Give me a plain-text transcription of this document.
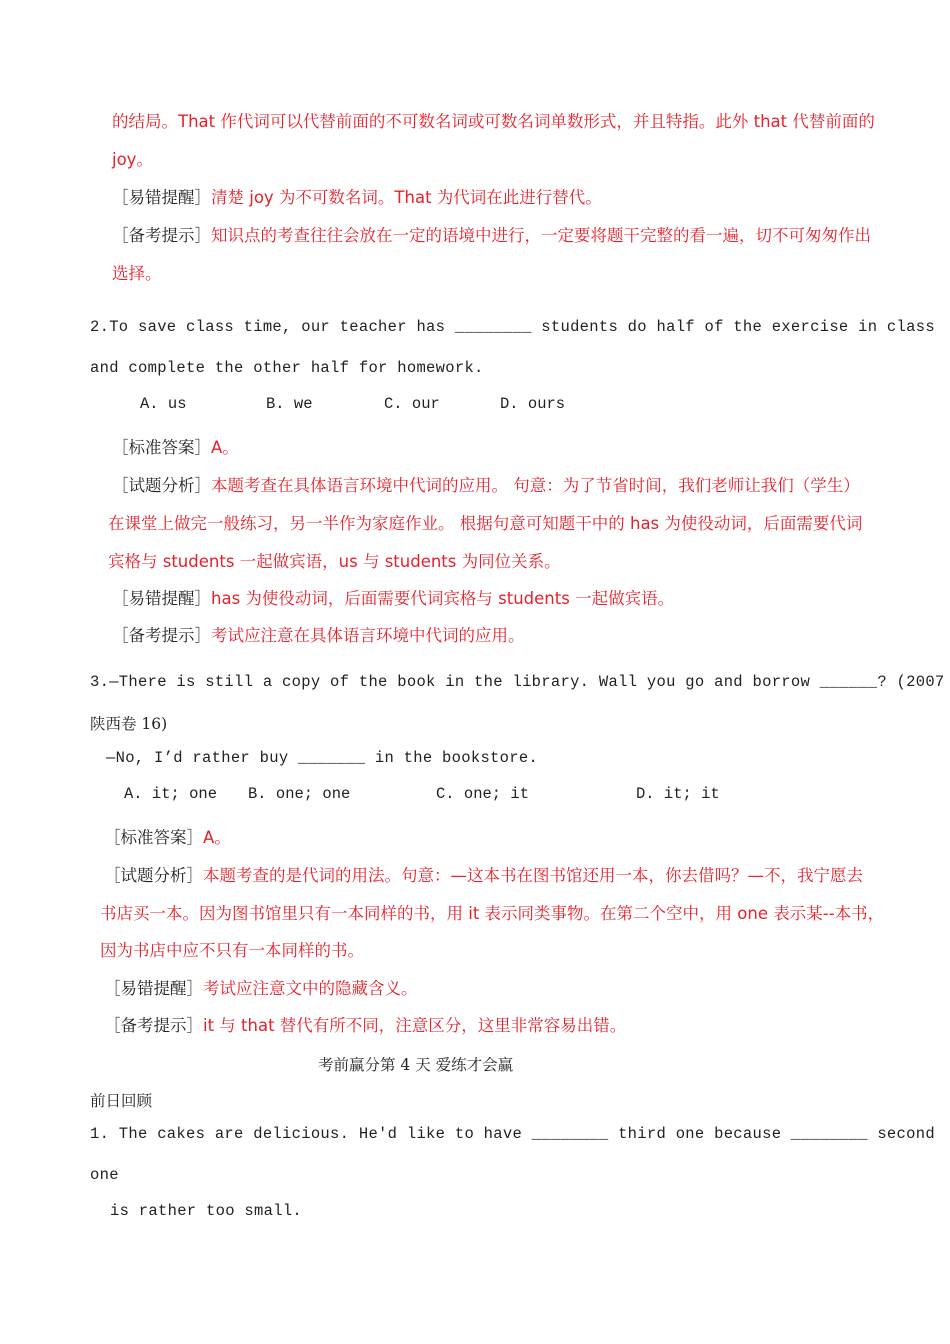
的结局。That 作代词可以代替前面的不可数名词或可数名词单数形式，并且特指。此外 that 代替前面的
joy。
［易错提醒］清楚 joy 为不可数名词。That 为代词在此进行替代。
［备考提示］知识点的考查往往会放在一定的语境中进行，一定要将题干完整的看一遍，切不可匆匆作出
选择。
2.To save class time, our teacher has ________ students do half of the exercise in class
and complete the other half for homework.
A. us	B. we	C. our	D. ours
［标准答案］A。
［试题分析］本题考查在具体语言环境中代词的应用。 句意：为了节省时间，我们老师让我们（学生）
在课堂上做完一般练习，另一半作为家庭作业。 根据句意可知题干中的 has 为使役动词，后面需要代词
宾格与 students 一起做宾语，us 与 students 为同位关系。
［易错提醒］has 为使役动词，后面需要代词宾格与 students 一起做宾语。
［备考提示］考试应注意在具体语言环境中代词的应用。
3.—There is still a copy of the book in the library. Wall you go and borrow ______? (2007
陕西卷 16)
—No, I’d rather buy _______ in the bookstore.
A. it; one B. one; one	C. one; it	D. it; it
［标准答案］A。
［试题分析］本题考查的是代词的用法。句意：—这本书在图书馆还用一本，你去借吗？—不，我宁愿去
书店买一本。因为图书馆里只有一本同样的书，用 it 表示同类事物。在第二个空中，用 one 表示某--本书，
因为书店中应不只有一本同样的书。
［易错提醒］考试应注意文中的隐藏含义。
［备考提示］it 与 that 替代有所不同，注意区分，这里非常容易出错。
考前赢分第 4 天 爱练才会赢
前日回顾
1. The cakes are delicious. He'd like to have ________ third one because ________ second
one
is rather too small.
